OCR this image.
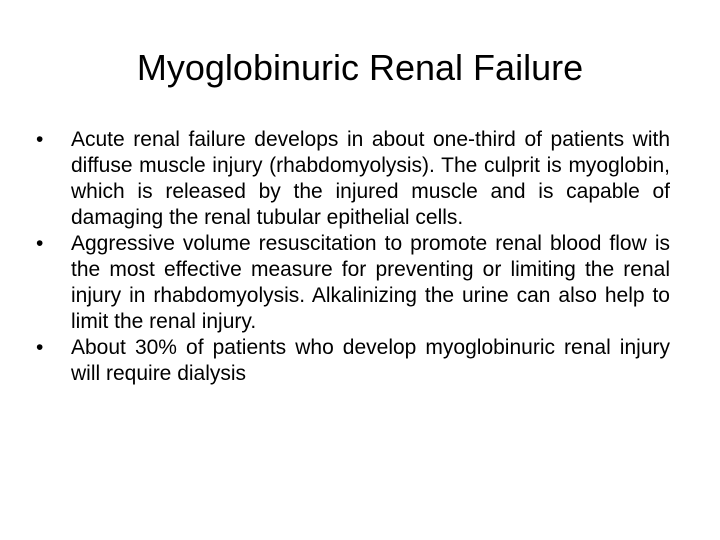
Myoglobinuric Renal Failure
•	Acute renal failure develops in about one-third of patients with diffuse muscle injury (rhabdomyolysis). The culprit is myoglobin, which is released by the injured muscle and is capable of damaging the renal tubular epithelial cells.
•	Aggressive volume resuscitation to promote renal blood flow is the most effective measure for preventing or limiting the renal injury in rhabdomyolysis. Alkalinizing the urine can also help to limit the renal injury.
•	About 30% of patients who develop myoglobinuric renal injury will require dialysis
